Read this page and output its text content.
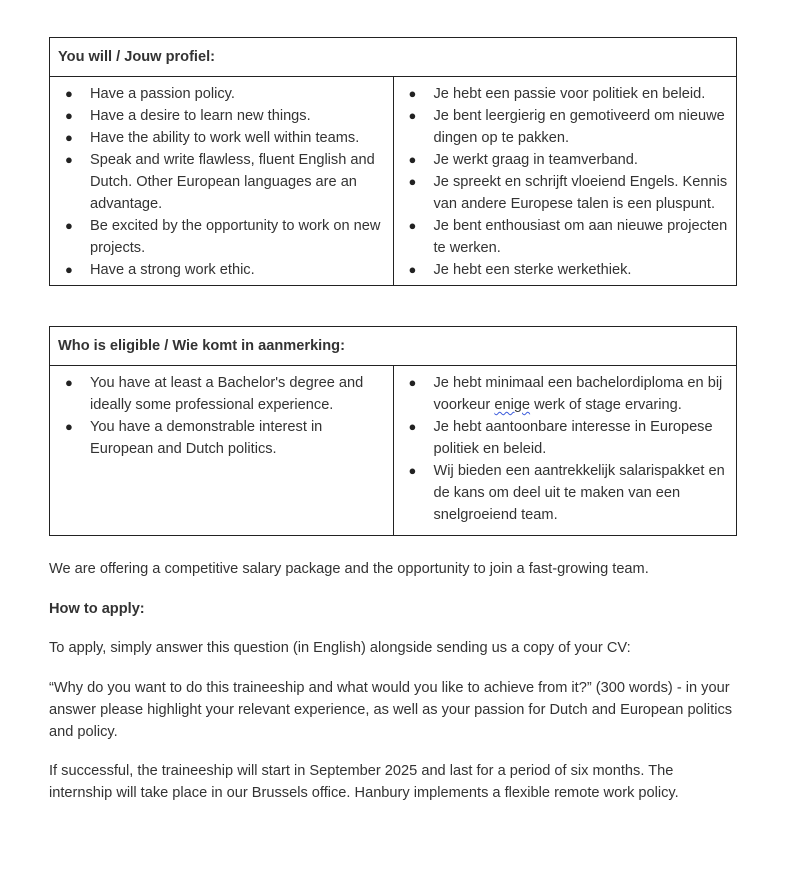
You will / Jouw profiel:

● Have a passion policy.
● Have a desire to learn new things.
● Have the ability to work well within teams.
● Speak and write flawless, fluent English and Dutch. Other European languages are an advantage.
● Be excited by the opportunity to work on new projects.
● Have a strong work ethic.

● Je hebt een passie voor politiek en beleid.
● Je bent leergierig en gemotiveerd om nieuwe dingen op te pakken.
● Je werkt graag in teamverband.
● Je spreekt en schrijft vloeiend Engels. Kennis van andere Europese talen is een pluspunt.
● Je bent enthousiast om aan nieuwe projecten te werken.
● Je hebt een sterke werkethiek.
Who is eligible / Wie komt in aanmerking:

● You have at least a Bachelor's degree and ideally some professional experience.
● You have a demonstrable interest in European and Dutch politics.

● Je hebt minimaal een bachelordiploma en bij voorkeur enige werk of stage ervaring.
● Je hebt aantoonbare interesse in Europese politiek en beleid.
● Wij bieden een aantrekkelijk salarispakket en de kans om deel uit te maken van een snelgroeiend team.

We are offering a competitive salary package and the opportunity to join a fast-growing team.

How to apply:

To apply, simply answer this question (in English) alongside sending us a copy of your CV:

“Why do you want to do this traineeship and what would you like to achieve from it?” (300 words) - in your answer please highlight your relevant experience, as well as your passion for Dutch and European politics and policy.

If successful, the traineeship will start in September 2025 and last for a period of six months. The internship will take place in our Brussels office. Hanbury implements a flexible remote work policy.
